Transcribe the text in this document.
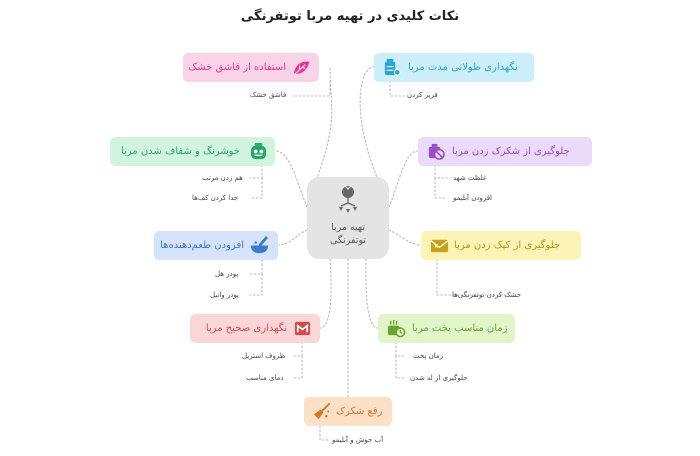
نکات کلیدی در تهیه مربا توتفرنگی
تهیه مربا
توتفرنگی
استفاده از قاشق خشک
قاشق خشک
خوشرنگ و شفاف شدن مربا
هم زدن مرتب
جدا کردن کف‌ها
افزودن طعم‌دهنده‌ها
پودر هل
پودر وانیل
نگهداری صحیح مربا
ظروف استریل
دمای مناسب
نگهداری طولانی مدت مربا
فریز کردن
جلوگیری از شکرک زدن مربا
غلظت شهد
افزودن آبلیمو
جلوگیری از کپک زدن مربا
خشک کردن توتفرنگی‌ها
زمان مناسب پخت مربا
زمان پخت
جلوگیری از له شدن
رفع شکرک
آب جوش و آبلیمو
